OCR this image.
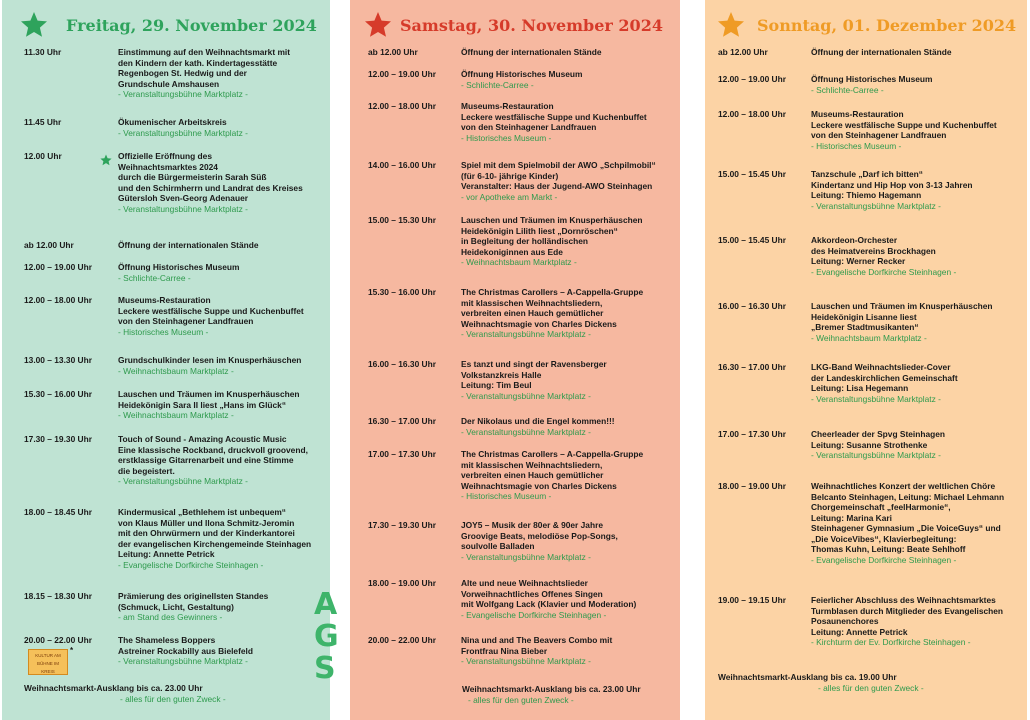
Freitag, 29. November 2024
11.30 Uhr	Einstimmung auf den Weihnachtsmarkt mit
den Kindern der kath. Kindertagesstätte
Regenbogen St. Hedwig und der
Grundschule Amshausen
- Veranstaltungsbühne Marktplatz -
11.45 Uhr	Ökumenischer Arbeitskreis
- Veranstaltungsbühne Marktplatz -
12.00 Uhr	Offizielle Eröffnung des
Weihnachtsmarktes 2024
durch die Bürgermeisterin Sarah Süß
und den Schirmherrn und Landrat des Kreises
Gütersloh Sven-Georg Adenauer
- Veranstaltungsbühne Marktplatz -
ab 12.00 Uhr	Öffnung der internationalen Stände
12.00 – 19.00 Uhr	Öffnung Historisches Museum
- Schlichte-Carree -
12.00 – 18.00 Uhr	Museums-Restauration
Leckere westfälische Suppe und Kuchenbuffet
von den Steinhagener Landfrauen
- Historisches Museum -
13.00 – 13.30 Uhr	Grundschulkinder lesen im Knusperhäuschen
- Weihnachtsbaum Marktplatz -
15.30 – 16.00 Uhr	Lauschen und Träumen im Knusperhäuschen
Heidekönigin Sara II liest „Hans im Glück“
- Weihnachtsbaum Marktplatz -
17.30 – 19.30 Uhr	Touch of Sound - Amazing Acoustic Music
Eine klassische Rockband, druckvoll groovend,
erstklassige Gitarrenarbeit und eine Stimme
die begeistert.
- Veranstaltungsbühne Marktplatz -
18.00 – 18.45 Uhr	Kindermusical „Bethlehem ist unbequem“
von Klaus Müller und Ilona Schmitz-Jeromin
mit den Ohrwürmern und der Kinderkantorei
der evangelischen Kirchengemeinde Steinhagen
Leitung: Annette Petrick
- Evangelische Dorfkirche Steinhagen -
18.15 – 18.30 Uhr	Prämierung des originellsten Standes
(Schmuck, Licht, Gestaltung)
- am Stand des Gewinners -
20.00 – 22.00 Uhr	The Shameless Boppers
Astreiner Rockabilly aus Bielefeld
- Veranstaltungsbühne Marktplatz -
KULTUR AM
BÜHNE IM
KREIS
*
Weihnachtsmarkt-Ausklang bis ca. 23.00 Uhr
- alles für den guten Zweck -
A
G
S
Samstag, 30. November 2024
ab 12.00 Uhr	Öffnung der internationalen Stände
12.00 – 19.00 Uhr	Öffnung Historisches Museum
- Schlichte-Carree -
12.00 – 18.00 Uhr	Museums-Restauration
Leckere westfälische Suppe und Kuchenbuffet
von den Steinhagener Landfrauen
- Historisches Museum -
14.00 – 16.00 Uhr	Spiel mit dem Spielmobil der AWO „Schpilmobil“
(für 6-10- jährige Kinder)
Veranstalter: Haus der Jugend-AWO Steinhagen
- vor Apotheke am Markt -
15.00 – 15.30 Uhr	Lauschen und Träumen im Knusperhäuschen
Heidekönigin Lilith liest „Dornröschen“
in Begleitung der holländischen
Heidekoniginnen aus Ede
- Weihnachtsbaum Marktplatz -
15.30 – 16.00 Uhr	The Christmas Carollers – A-Cappella-Gruppe
mit klassischen Weihnachtsliedern,
verbreiten einen Hauch gemütlicher
Weihnachtsmagie von Charles Dickens
- Veranstaltungsbühne Marktplatz -
16.00 – 16.30 Uhr	Es tanzt und singt der Ravensberger
Volkstanzkreis Halle
Leitung: Tim Beul
- Veranstaltungsbühne Marktplatz -
16.30 – 17.00 Uhr	Der Nikolaus und die Engel kommen!!!
- Veranstaltungsbühne Marktplatz -
17.00 – 17.30 Uhr	The Christmas Carollers – A-Cappella-Gruppe
mit klassischen Weihnachtsliedern,
verbreiten einen Hauch gemütlicher
Weihnachtsmagie von Charles Dickens
- Historisches Museum -
17.30 – 19.30 Uhr	JOY5 – Musik der 80er & 90er Jahre
Groovige Beats, melodiöse Pop-Songs,
soulvolle Balladen
- Veranstaltungsbühne Marktplatz -
18.00 – 19.00 Uhr	Alte und neue Weihnachtslieder
Vorweihnachtliches Offenes Singen
mit Wolfgang Lack (Klavier und Moderation)
- Evangelische Dorfkirche Steinhagen -
20.00 – 22.00 Uhr	Nina und and The Beavers Combo mit
Frontfrau Nina Bieber
- Veranstaltungsbühne Marktplatz -
Weihnachtsmarkt-Ausklang bis ca. 23.00 Uhr
- alles für den guten Zweck -
Sonntag, 01. Dezember 2024
ab 12.00 Uhr	Öffnung der internationalen Stände
12.00 – 19.00 Uhr	Öffnung Historisches Museum
- Schlichte-Carree -
12.00 – 18.00 Uhr	Museums-Restauration
Leckere westfälische Suppe und Kuchenbuffet
von den Steinhagener Landfrauen
- Historisches Museum -
15.00 – 15.45 Uhr	Tanzschule „Darf ich bitten“
Kindertanz und Hip Hop von 3-13 Jahren
Leitung: Thiemo Hagemann
- Veranstaltungsbühne Marktplatz -
15.00 – 15.45 Uhr	Akkordeon-Orchester
des Heimatvereins Brockhagen
Leitung: Werner Recker
- Evangelische Dorfkirche Steinhagen -
16.00 – 16.30 Uhr	Lauschen und Träumen im Knusperhäuschen
Heidekönigin Lisanne liest
„Bremer Stadtmusikanten“
- Weihnachtsbaum Marktplatz -
16.30 – 17.00 Uhr	LKG-Band Weihnachtslieder-Cover
der Landeskirchlichen Gemeinschaft
Leitung: Lisa Hegemann
- Veranstaltungsbühne Marktplatz -
17.00 – 17.30 Uhr	Cheerleader der Spvg Steinhagen
Leitung: Susanne Strothenke
- Veranstaltungsbühne Marktplatz -
18.00 – 19.00 Uhr	Weihnachtliches Konzert der weltlichen Chöre
Belcanto Steinhagen, Leitung: Michael Lehmann
Chorgemeinschaft „feelHarmonie“,
Leitung: Marina Kari
Steinhagener Gymnasium „Die VoiceGuys“ und
„Die VoiceVibes“, Klavierbegleitung:
Thomas Kuhn, Leitung: Beate Sehlhoff
- Evangelische Dorfkirche Steinhagen -
19.00 – 19.15 Uhr	Feierlicher Abschluss des Weihnachtsmarktes
Turmblasen durch Mitglieder des Evangelischen
Posaunenchores
Leitung: Annette Petrick
- Kirchturm der Ev. Dorfkirche Steinhagen -
Weihnachtsmarkt-Ausklang bis ca. 19.00 Uhr
- alles für den guten Zweck -
